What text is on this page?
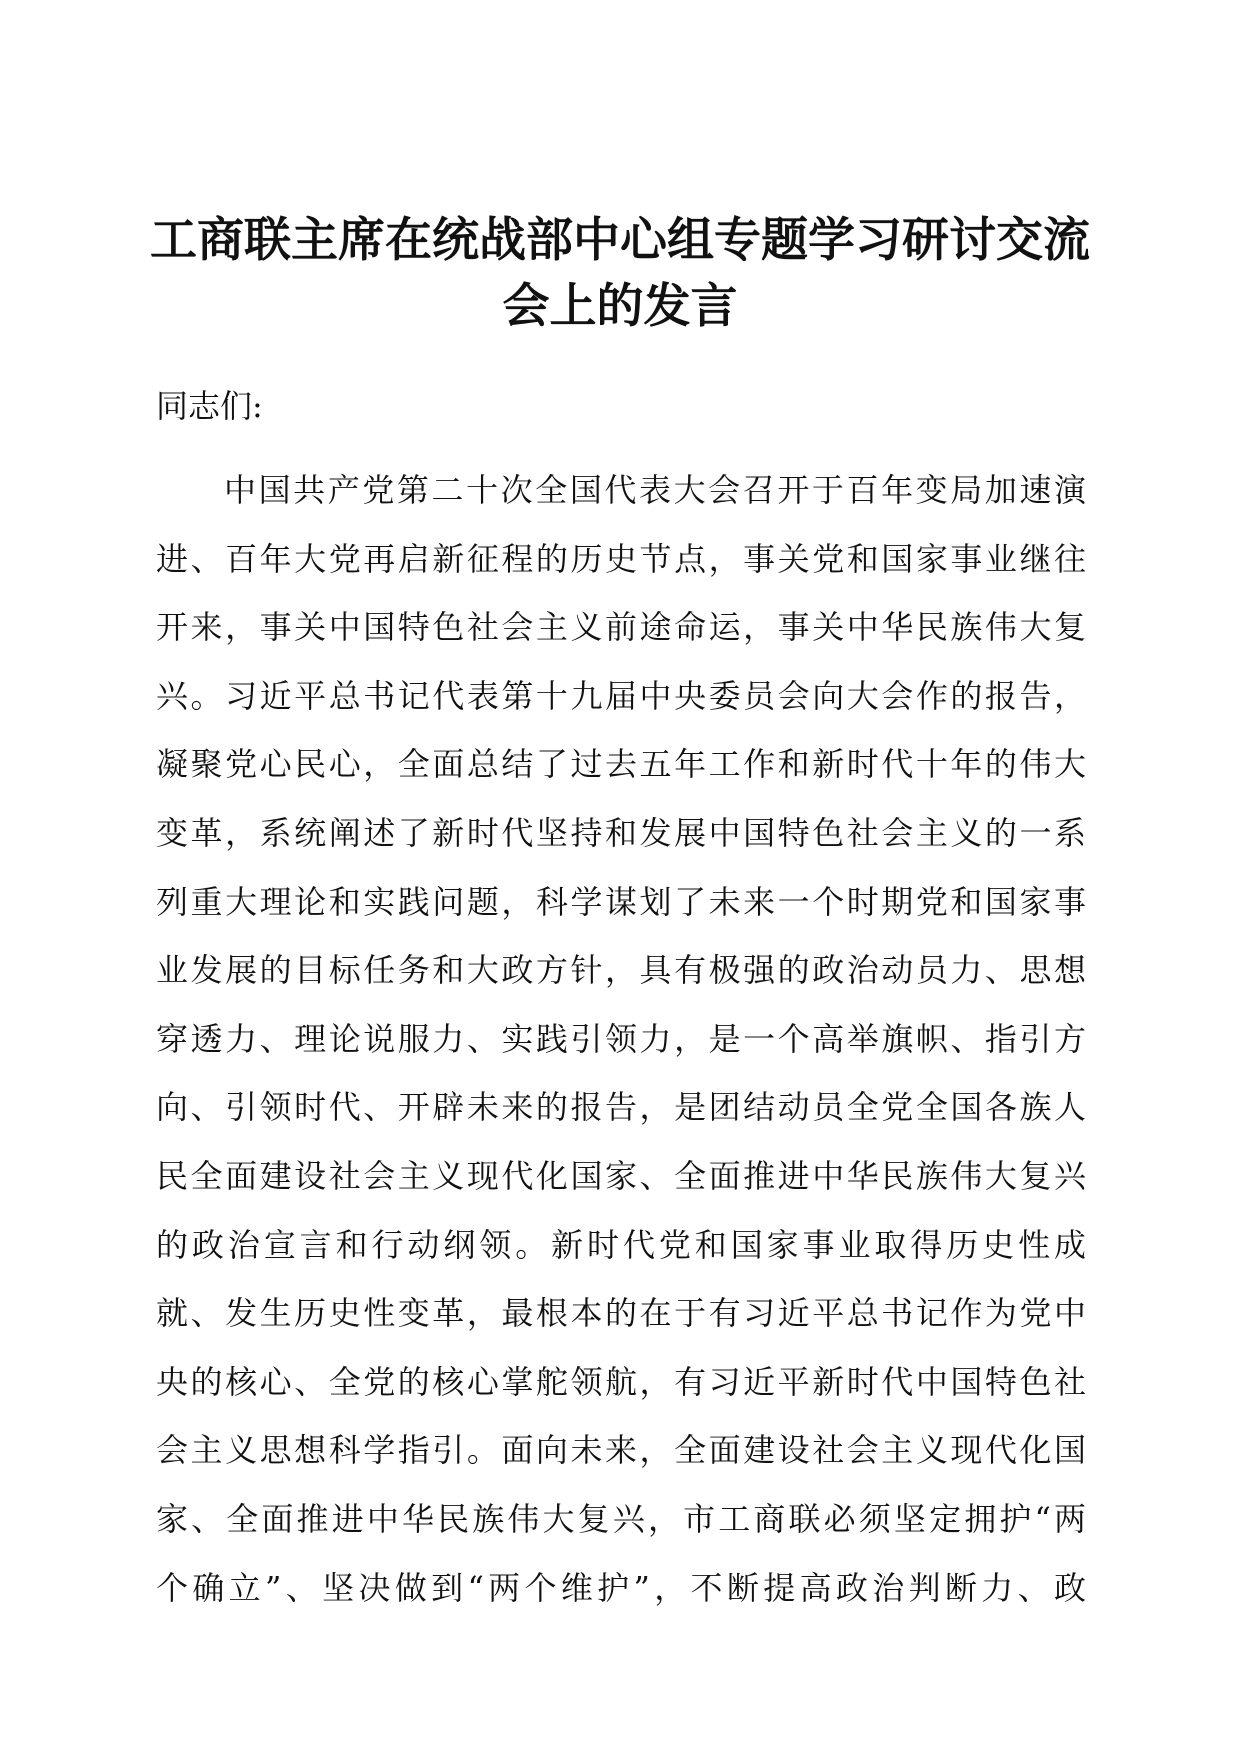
工商联主席在统战部中心组专题学习研讨交流
会上的发言

同志们:

中国共产党第二十次全国代表大会召开于百年变局加速演
进、百年大党再启新征程的历史节点，事关党和国家事业继往
开来，事关中国特色社会主义前途命运，事关中华民族伟大复
兴。习近平总书记代表第十九届中央委员会向大会作的报告，
凝聚党心民心，全面总结了过去五年工作和新时代十年的伟大
变革，系统阐述了新时代坚持和发展中国特色社会主义的一系
列重大理论和实践问题，科学谋划了未来一个时期党和国家事
业发展的目标任务和大政方针，具有极强的政治动员力、思想
穿透力、理论说服力、实践引领力，是一个高举旗帜、指引方
向、引领时代、开辟未来的报告，是团结动员全党全国各族人
民全面建设社会主义现代化国家、全面推进中华民族伟大复兴
的政治宣言和行动纲领。新时代党和国家事业取得历史性成
就、发生历史性变革，最根本的在于有习近平总书记作为党中
央的核心、全党的核心掌舵领航，有习近平新时代中国特色社
会主义思想科学指引。面向未来，全面建设社会主义现代化国
家、全面推进中华民族伟大复兴，市工商联必须坚定拥护“两
个确立”、坚决做到“两个维护”，不断提高政治判断力、政
